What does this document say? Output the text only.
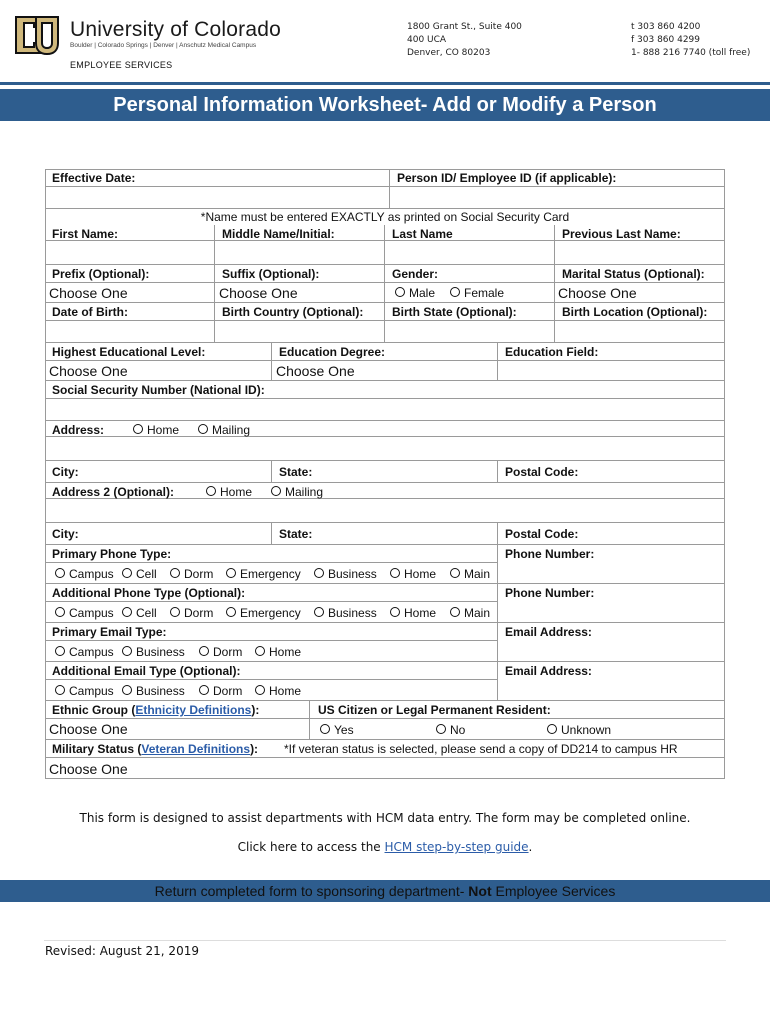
University of Colorado
Boulder | Colorado Springs | Denver | Anschutz Medical Campus
EMPLOYEE SERVICES
1800 Grant St., Suite 400
400 UCA
Denver, CO 80203
t 303 860 4200
f 303 860 4299
1- 888 216 7740 (toll free)
Personal Information Worksheet- Add or Modify a Person
Effective Date:	Person ID/ Employee ID (if applicable):
*Name must be entered EXACTLY as printed on Social Security Card
First Name:	Middle Name/Initial:	Last Name	Previous Last Name:
Prefix (Optional):	Suffix (Optional):	Gender:	Marital Status (Optional):
Choose One	Choose One	Male	Female	Choose One
Date of Birth:	Birth Country (Optional): Birth State (Optional):	Birth Location (Optional):
Highest Educational Level:	Education Degree:	Education Field:
Choose One	Choose One
Social Security Number (National ID):
Address:	Home	Mailing
City:	State:	Postal Code:
Address 2 (Optional):	Home	Mailing
City:	State:	Postal Code:
Primary Phone Type:	Phone Number:
Campus	Cell	Dorm	Emergency	Business	Home	Main
Additional Phone Type (Optional):	Phone Number:
Campus	Cell	Dorm	Emergency	Business	Home	Main
Primary Email Type:	Email Address:
Campus	Business	Dorm	Home
Additional Email Type (Optional):	Email Address:
Campus	Business	Dorm	Home
Ethnic Group (Ethnicity Definitions):	US Citizen or Legal Permanent Resident:
Choose One	Yes	No	Unknown
Military Status (Veteran Definitions): *If veteran status is selected, please send a copy of DD214 to campus HR
Choose One
This form is designed to assist departments with HCM data entry. The form may be completed online.
Click here to access the HCM step-by-step guide.
Return completed form to sponsoring department- Not Employee Services
Revised: August 21, 2019
